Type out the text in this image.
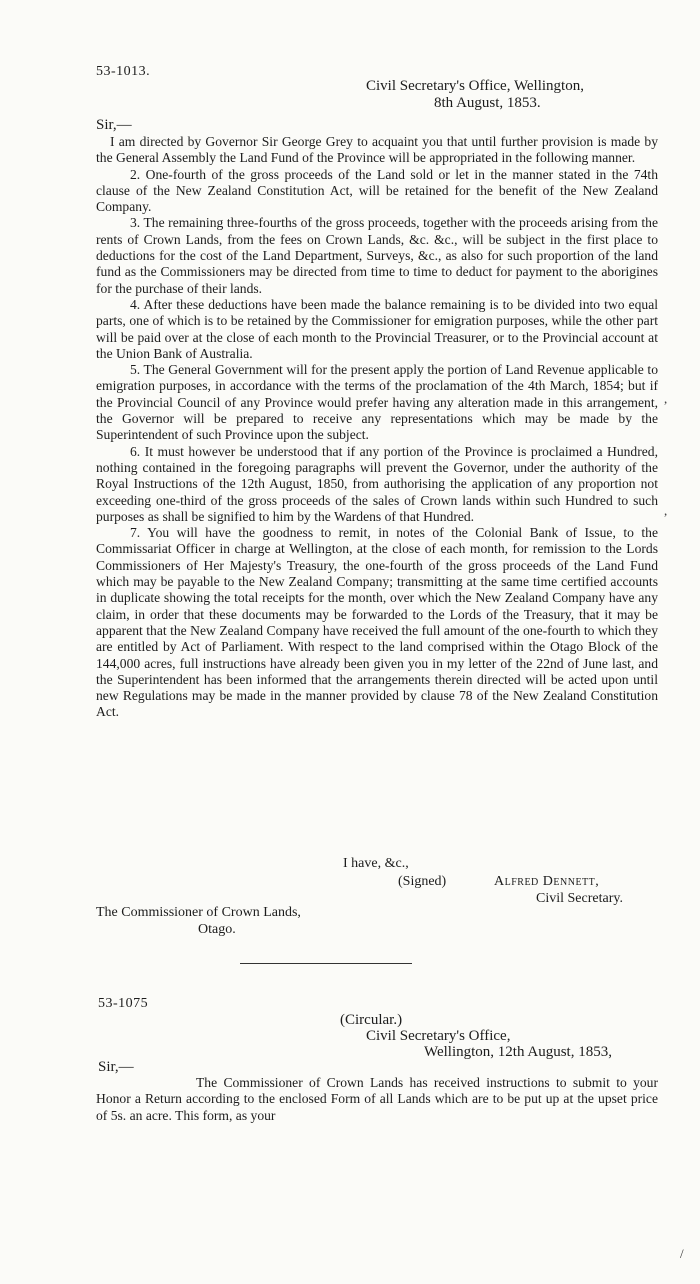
53-1013.
Civil Secretary's Office, Wellington,
8th August, 1853.
Sir,—

I am directed by Governor Sir George Grey to acquaint you that until further provision is made by the General Assembly the Land Fund of the Province will be appropriated in the following manner.

2. One-fourth of the gross proceeds of the Land sold or let in the manner stated in the 74th clause of the New Zealand Constitution Act, will be retained for the benefit of the New Zealand Company.

3. The remaining three-fourths of the gross proceeds, together with the proceeds arising from the rents of Crown Lands, from the fees on Crown Lands, &c. &c., will be subject in the first place to deductions for the cost of the Land Department, Surveys, &c., as also for such proportion of the land fund as the Commissioners may be directed from time to time to deduct for payment to the aborigines for the purchase of their lands.

4. After these deductions have been made the balance remaining is to be divided into two equal parts, one of which is to be retained by the Commissioner for emigration purposes, while the other part will be paid over at the close of each month to the Provincial Treasurer, or to the Provincial account at the Union Bank of Australia.

5. The General Government will for the present apply the portion of Land Revenue applicable to emigration purposes, in accordance with the terms of the proclamation of the 4th March, 1854; but if the Provincial Council of any Province would prefer having any alteration made in this arrangement, the Governor will be prepared to receive any representations which may be made by the Superintendent of such Province upon the subject.

6. It must however be understood that if any portion of the Province is proclaimed a Hundred, nothing contained in the foregoing paragraphs will prevent the Governor, under the authority of the Royal Instructions of the 12th August, 1850, from authorising the application of any proportion not exceeding one-third of the gross proceeds of the sales of Crown lands within such Hundred to such purposes as shall be signified to him by the Wardens of that Hundred.

7. You will have the goodness to remit, in notes of the Colonial Bank of Issue, to the Commissariat Officer in charge at Wellington, at the close of each month, for remission to the Lords Commissioners of Her Majesty's Treasury, the one-fourth of the gross proceeds of the Land Fund which may be payable to the New Zealand Company; transmitting at the same time certified accounts in duplicate showing the total receipts for the month, over which the New Zealand Company have any claim, in order that these documents may be forwarded to the Lords of the Treasury, that it may be apparent that the New Zealand Company have received the full amount of the one-fourth to which they are entitled by Act of Parliament. With respect to the land comprised within the Otago Block of the 144,000 acres, full instructions have already been given you in my letter of the 22nd of June last, and the Superintendent has been informed that the arrangements therein directed will be acted upon until new Regulations may be made in the manner provided by clause 78 of the New Zealand Constitution Act.

I have, &c.,
(Signed)	Alfred Dennett,
Civil Secretary.
The Commissioner of Crown Lands,
Otago.
53-1075
(Circular.)
Civil Secretary's Office,
Wellington, 12th August, 1853,
Sir,—

The Commissioner of Crown Lands has received instructions to submit to your Honor a Return according to the enclosed Form of all Lands which are to be put up at the upset price of 5s. an acre. This form, as your

,
,
/
